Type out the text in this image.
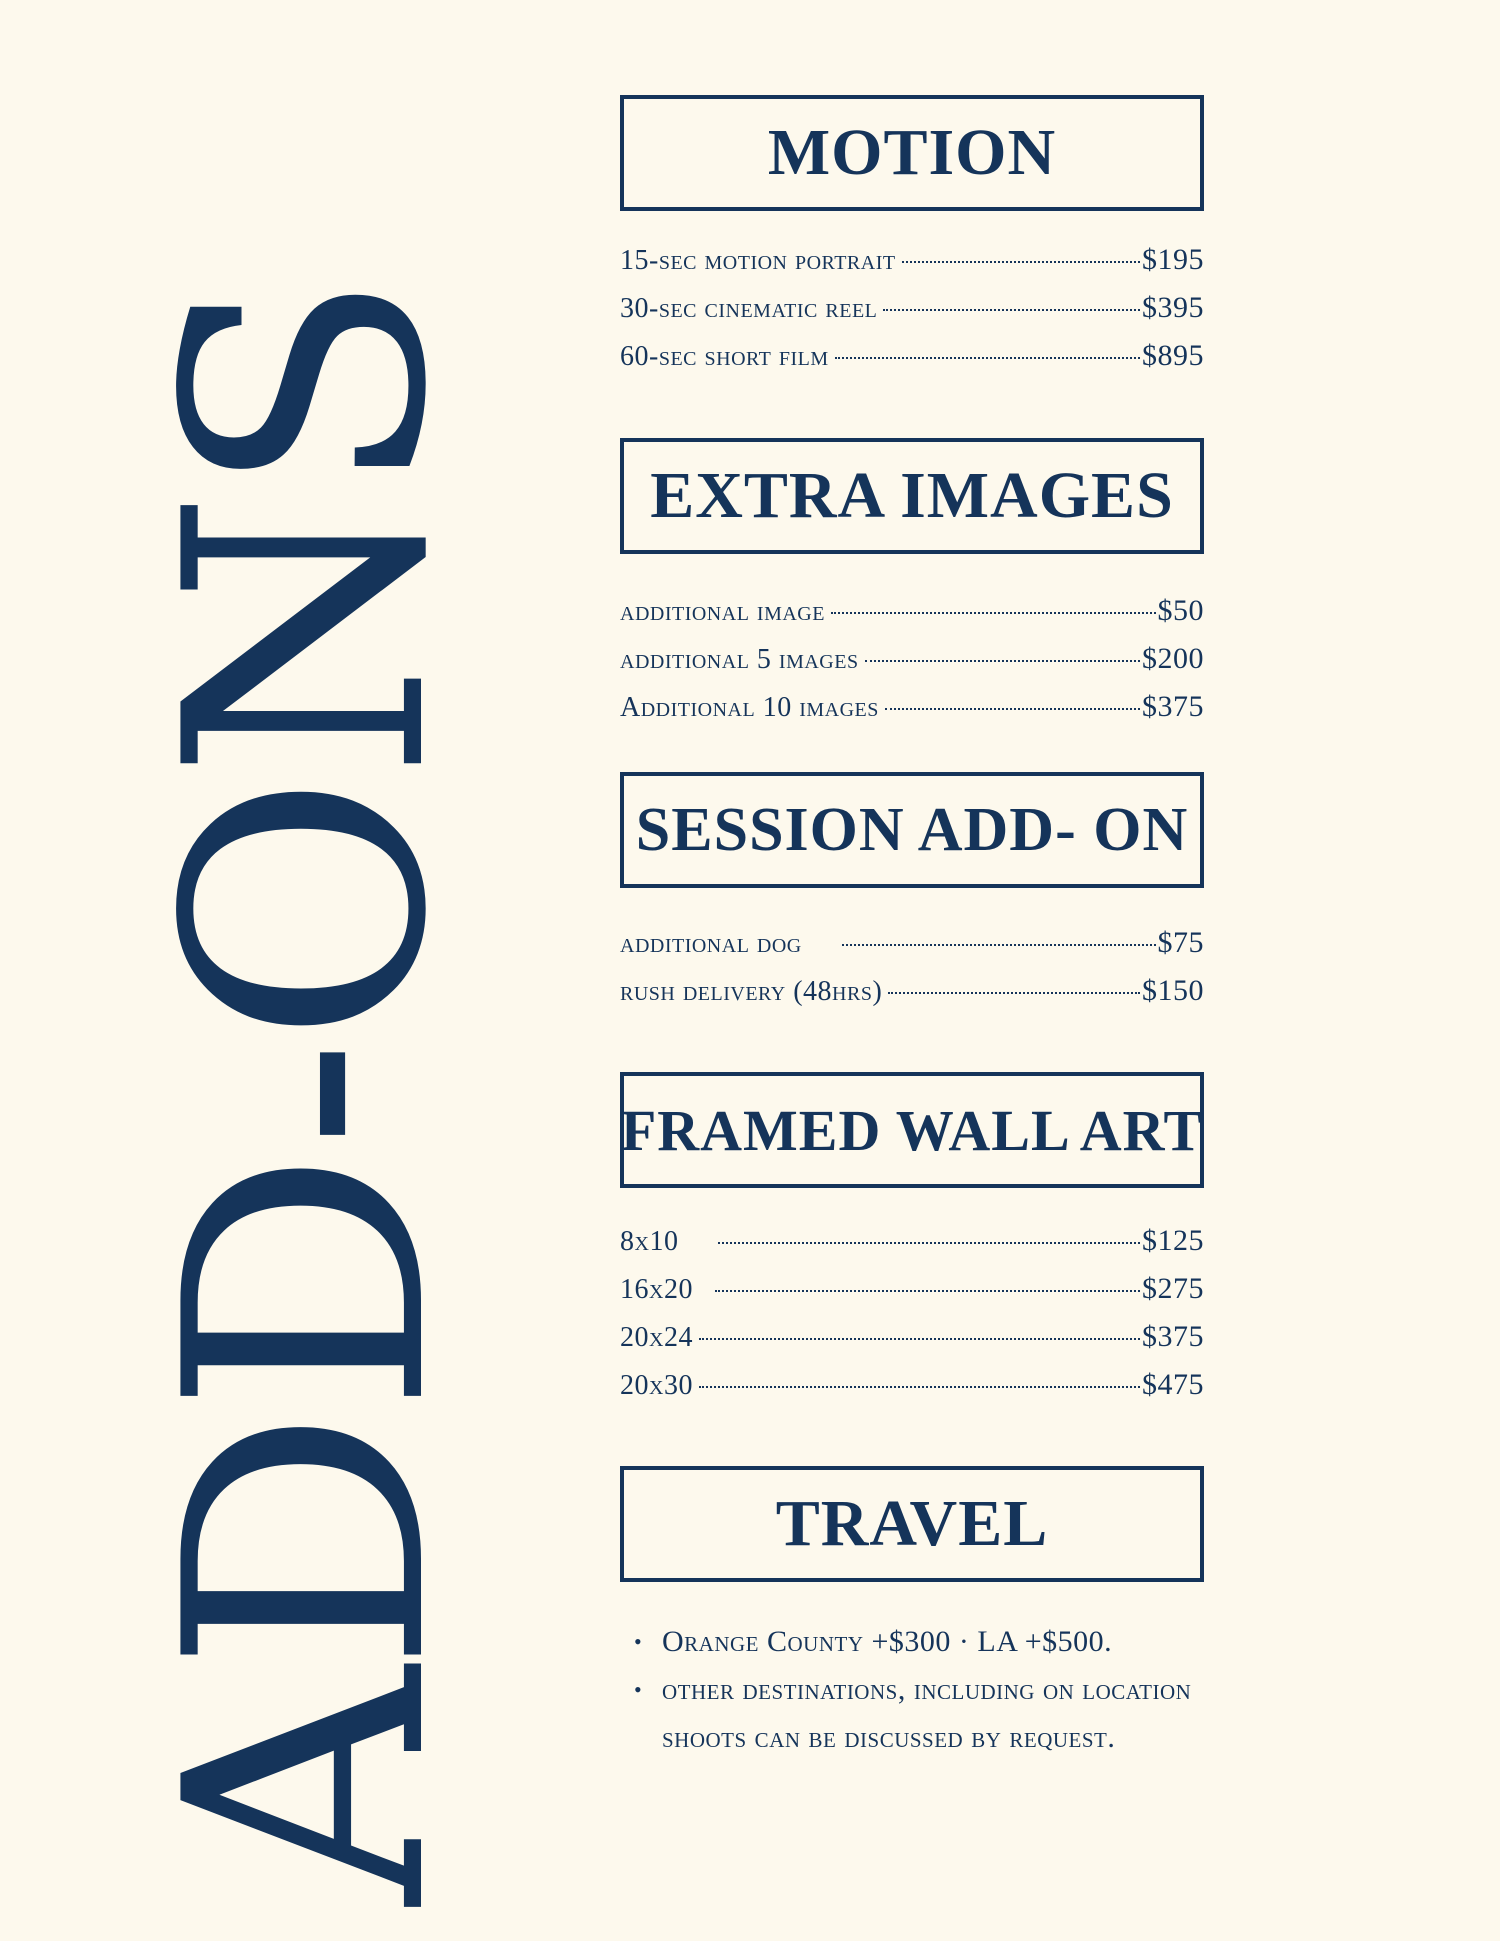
ADD-ONS
MOTION
15-sec motion portrait	$195
30-sec cinematic reel	$395
60-sec short film	$895
EXTRA IMAGES
additional image	$50
additional 5 images	$200
Additional 10 images	$375
SESSION ADD- ON
additional dog	$75
rush delivery (48hrs)	$150
FRAMED WALL ART
8x10	$125
16x20	$275
20x24	$375
20x30	$475
TRAVEL
• Orange County +$300 · LA +$500.
• other destinations, including on location shoots can be discussed by request.
